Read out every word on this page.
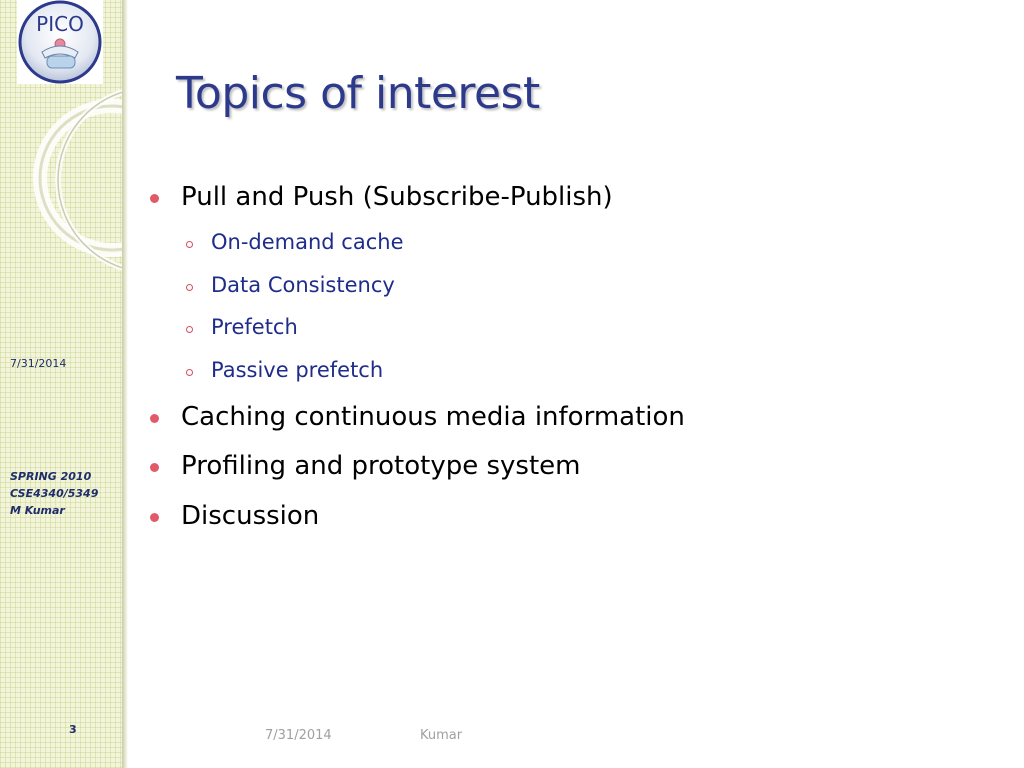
PICO
7/31/2014
SPRING 2010
CSE4340/5349
M Kumar
3
Topics of interest
Pull and Push (Subscribe-Publish)
On-demand cache
Data Consistency
Prefetch
Passive prefetch
Caching continuous media information
Profiling and prototype system
Discussion
7/31/2014	Kumar
